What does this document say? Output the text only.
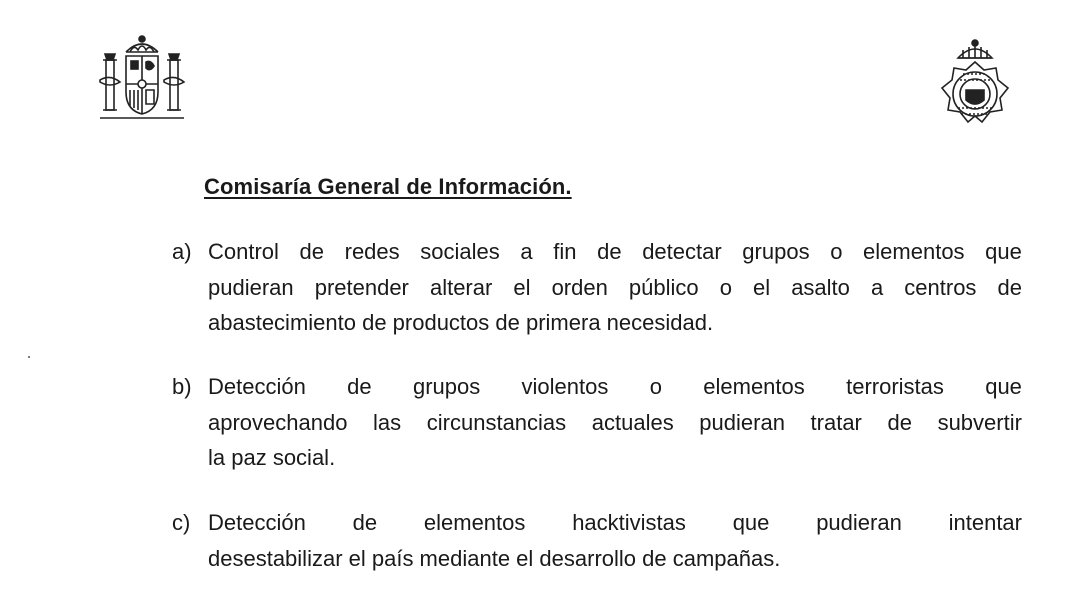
Comisaría General de Información.
a) Control de redes sociales a fin de detectar grupos o elementos que
pudieran pretender alterar el orden público o el asalto a centros de
abastecimiento de productos de primera necesidad.
b) Detección de grupos violentos o elementos terroristas que
aprovechando las circunstancias actuales pudieran tratar de subvertir
la paz social.
c) Detección de elementos hacktivistas que pudieran intentar
desestabilizar el país mediante el desarrollo de campañas.
